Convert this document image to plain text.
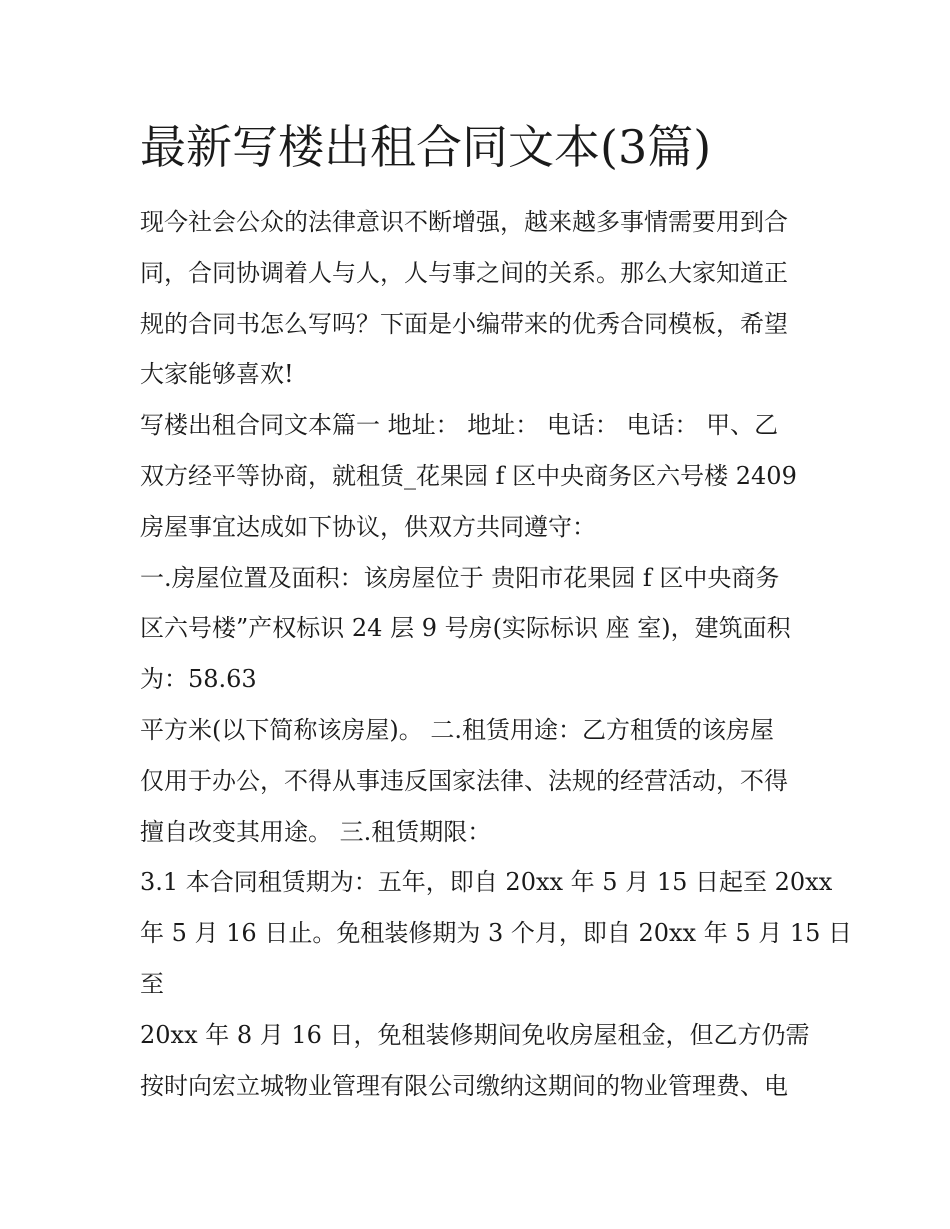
最新写楼出租合同文本(3篇)
现今社会公众的法律意识不断增强，越来越多事情需要用到合
同，合同协调着人与人，人与事之间的关系。那么大家知道正
规的合同书怎么写吗？下面是小编带来的优秀合同模板，希望
大家能够喜欢!
写楼出租合同文本篇一 地址： 地址： 电话： 电话： 甲、乙
双方经平等协商，就租赁_花果园 f 区中央商务区六号楼 2409
房屋事宜达成如下协议，供双方共同遵守：
一.房屋位置及面积：该房屋位于 贵阳市花果园 f 区中央商务
区六号楼”产权标识 24 层 9 号房(实际标识 座 室)，建筑面积
为：58.63
平方米(以下简称该房屋)。 二.租赁用途：乙方租赁的该房屋
仅用于办公，不得从事违反国家法律、法规的经营活动，不得
擅自改变其用途。 三.租赁期限：
3.1 本合同租赁期为：五年，即自 20xx 年 5 月 15 日起至 20xx
年 5 月 16 日止。免租装修期为 3 个月，即自 20xx 年 5 月 15 日
至
20xx 年 8 月 16 日，免租装修期间免收房屋租金，但乙方仍需
按时向宏立城物业管理有限公司缴纳这期间的物业管理费、电
